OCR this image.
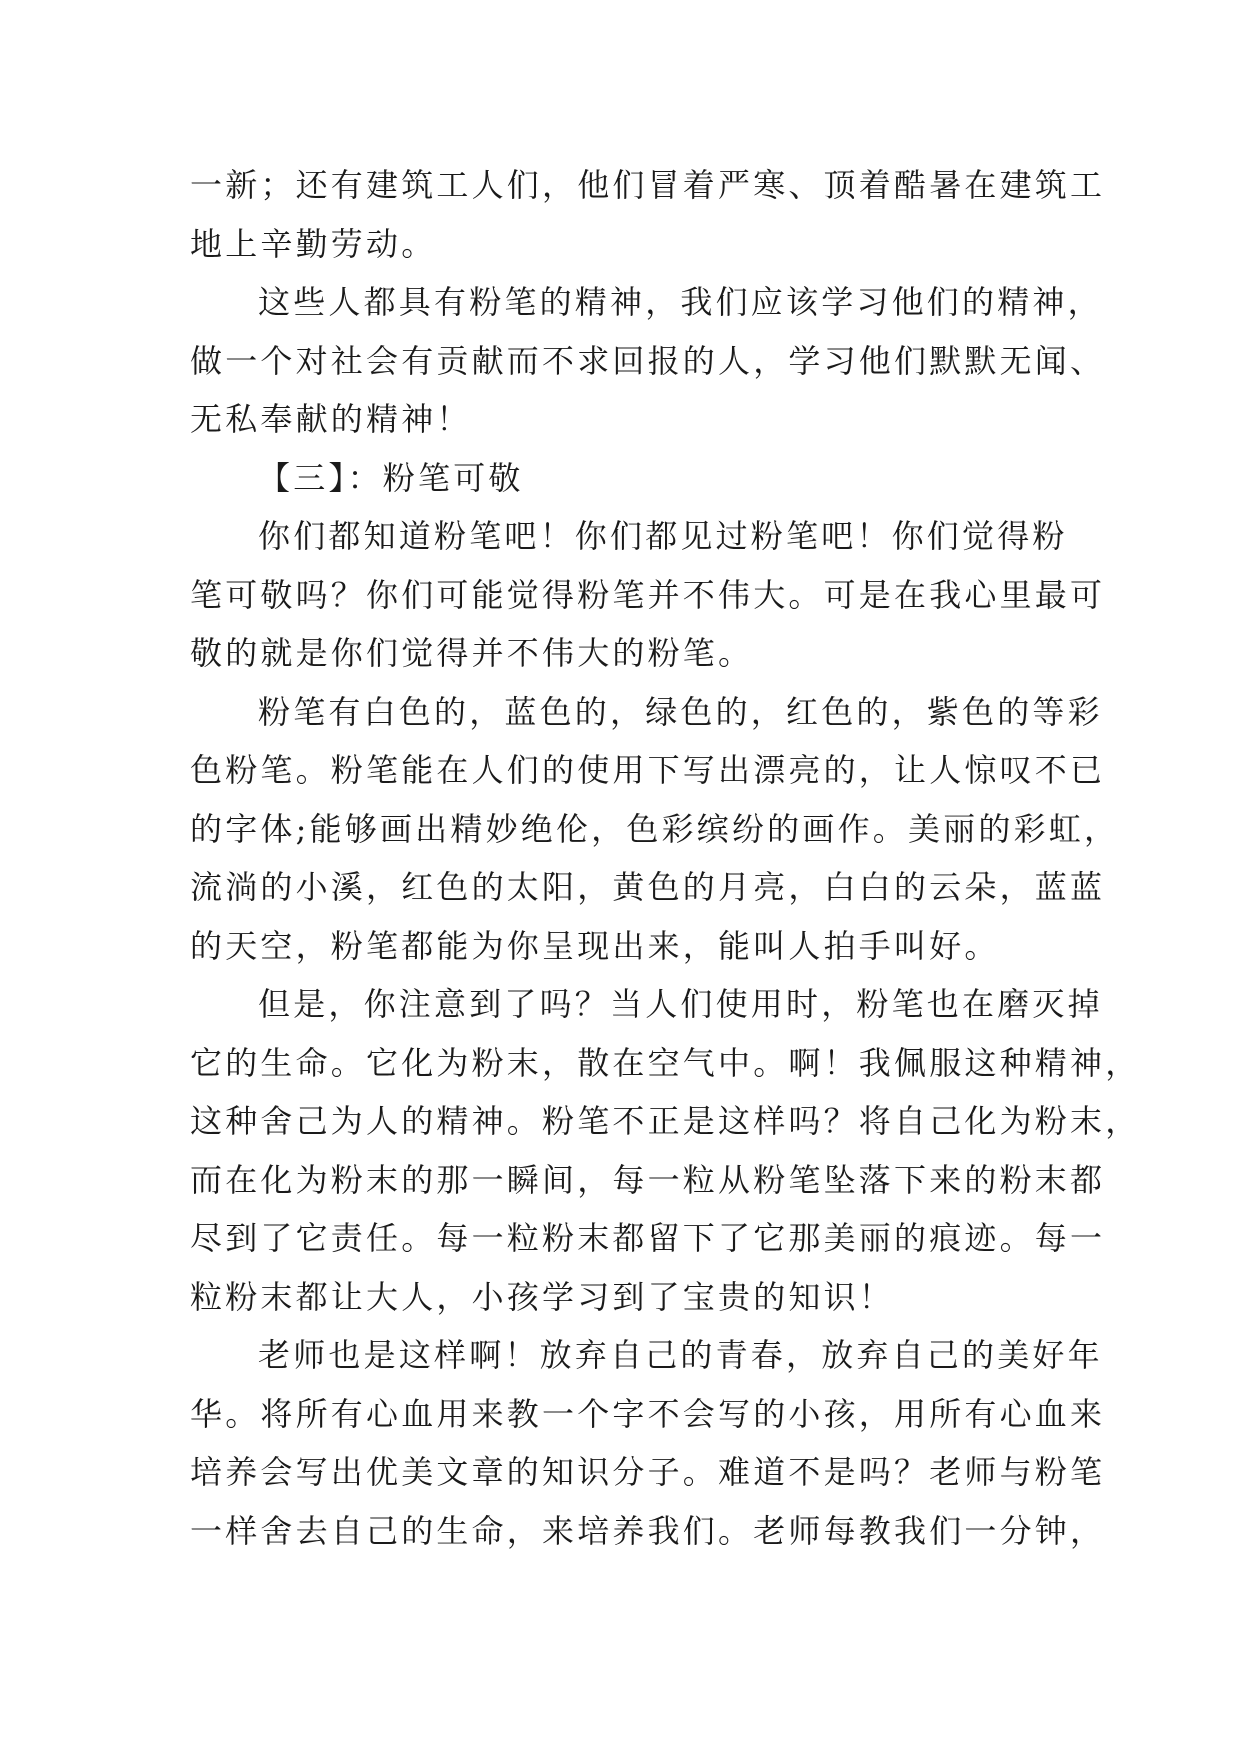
一新；还有建筑工人们，他们冒着严寒、顶着酷暑在建筑工
地上辛勤劳动。
这些人都具有粉笔的精神，我们应该学习他们的精神，
做一个对社会有贡献而不求回报的人，学习他们默默无闻、
无私奉献的精神！
【三】：粉笔可敬
你们都知道粉笔吧！你们都见过粉笔吧！你们觉得粉
笔可敬吗？你们可能觉得粉笔并不伟大。可是在我心里最可
敬的就是你们觉得并不伟大的粉笔。
粉笔有白色的，蓝色的，绿色的，红色的，紫色的等彩
色粉笔。粉笔能在人们的使用下写出漂亮的，让人惊叹不已
的字体;能够画出精妙绝伦，色彩缤纷的画作。美丽的彩虹，
流淌的小溪，红色的太阳，黄色的月亮，白白的云朵，蓝蓝
的天空，粉笔都能为你呈现出来，能叫人拍手叫好。
但是，你注意到了吗？当人们使用时，粉笔也在磨灭掉
它的生命。它化为粉末，散在空气中。啊！我佩服这种精神，
这种舍己为人的精神。粉笔不正是这样吗？将自己化为粉末，
而在化为粉末的那一瞬间，每一粒从粉笔坠落下来的粉末都
尽到了它责任。每一粒粉末都留下了它那美丽的痕迹。每一
粒粉末都让大人，小孩学习到了宝贵的知识！
老师也是这样啊！放弃自己的青春，放弃自己的美好年
华。将所有心血用来教一个字不会写的小孩，用所有心血来
培养会写出优美文章的知识分子。难道不是吗？老师与粉笔
一样舍去自己的生命，来培养我们。老师每教我们一分钟，
